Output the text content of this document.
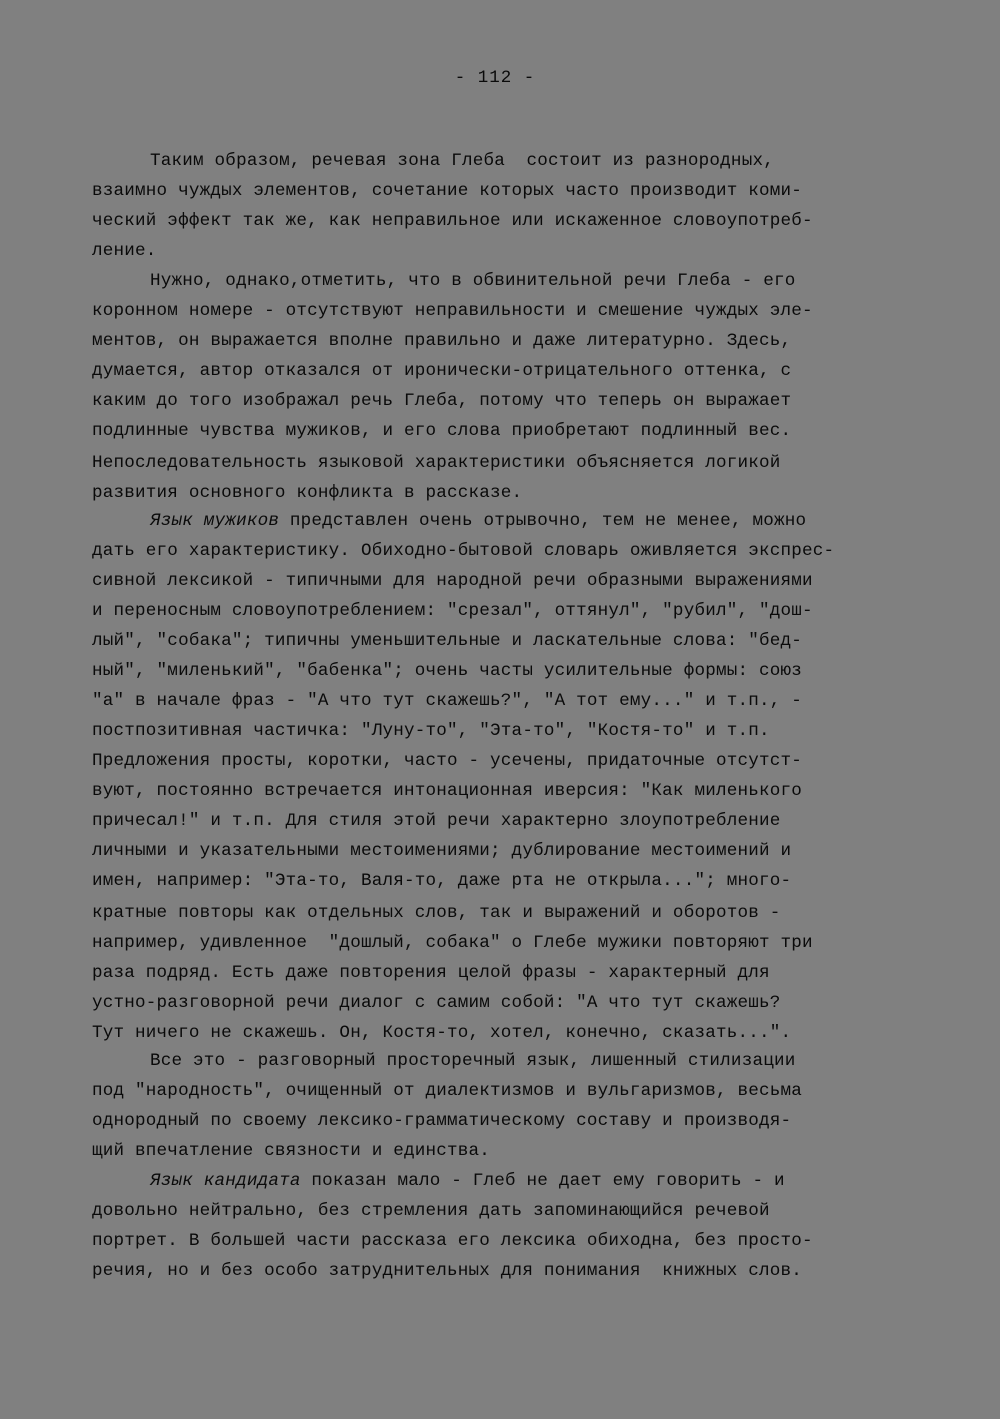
- 112 -
Таким образом, речевая зона Глеба  состоит из разнородных,
взаимно чуждых элементов, сочетание которых часто производит коми-
ческий эффект так же, как неправильное или искаженное словоупотреб-
ление.
Нужно, однако,отметить, что в обвинительной речи Глеба - его
коронном номере - отсутствуют неправильности и смешение чуждых эле-
ментов, он выражается вполне правильно и даже литературно. Здесь,
думается, автор отказался от иронически-отрицательного оттенка, с
каким до того изображал речь Глеба, потому что теперь он выражает
подлинные чувства мужиков, и его слова приобретают подлинный вес.
Непоследовательность языковой характеристики объясняется логикой
развития основного конфликта в рассказе.
Язык мужиков представлен очень отрывочно, тем не менее, можно
дать его характеристику. Обиходно-бытовой словарь оживляется экспрес-
сивной лексикой - типичными для народной речи образными выражениями
и переносным словоупотреблением: "срезал", оттянул", "рубил", "дош-
лый", "собака"; типичны уменьшительные и ласкательные слова: "бед-
ный", "миленький", "бабенка"; очень часты усилительные формы: союз
"а" в начале фраз - "А что тут скажешь?", "А тот ему..." и т.п., -
постпозитивная частичка: "Луну-то", "Эта-то", "Костя-то" и т.п.
Предложения просты, коротки, часто - усечены, придаточные отсутст-
вуют, постоянно встречается интонационная иверсия: "Как миленького
причесал!" и т.п. Для стиля этой речи характерно злоупотребление
личными и указательными местоимениями; дублирование местоимений и
имен, например: "Эта-то, Валя-то, даже рта не открыла..."; много-
кратные повторы как отдельных слов, так и выражений и оборотов -
например, удивленное  "дошлый, собака" о Глебе мужики повторяют три
раза подряд. Есть даже повторения целой фразы - характерный для
устно-разговорной речи диалог с самим собой: "А что тут скажешь?
Тут ничего не скажешь. Он, Костя-то, хотел, конечно, сказать...".
Все это - разговорный просторечный язык, лишенный стилизации
под "народность", очищенный от диалектизмов и вульгаризмов, весьма
однородный по своему лексико-грамматическому составу и производя-
щий впечатление связности и единства.
Язык кандидата показан мало - Глеб не дает ему говорить - и
довольно нейтрально, без стремления дать запоминающийся речевой
портрет. В большей части рассказа его лексика обиходна, без просто-
речия, но и без особо затруднительных для понимания  книжных слов.
